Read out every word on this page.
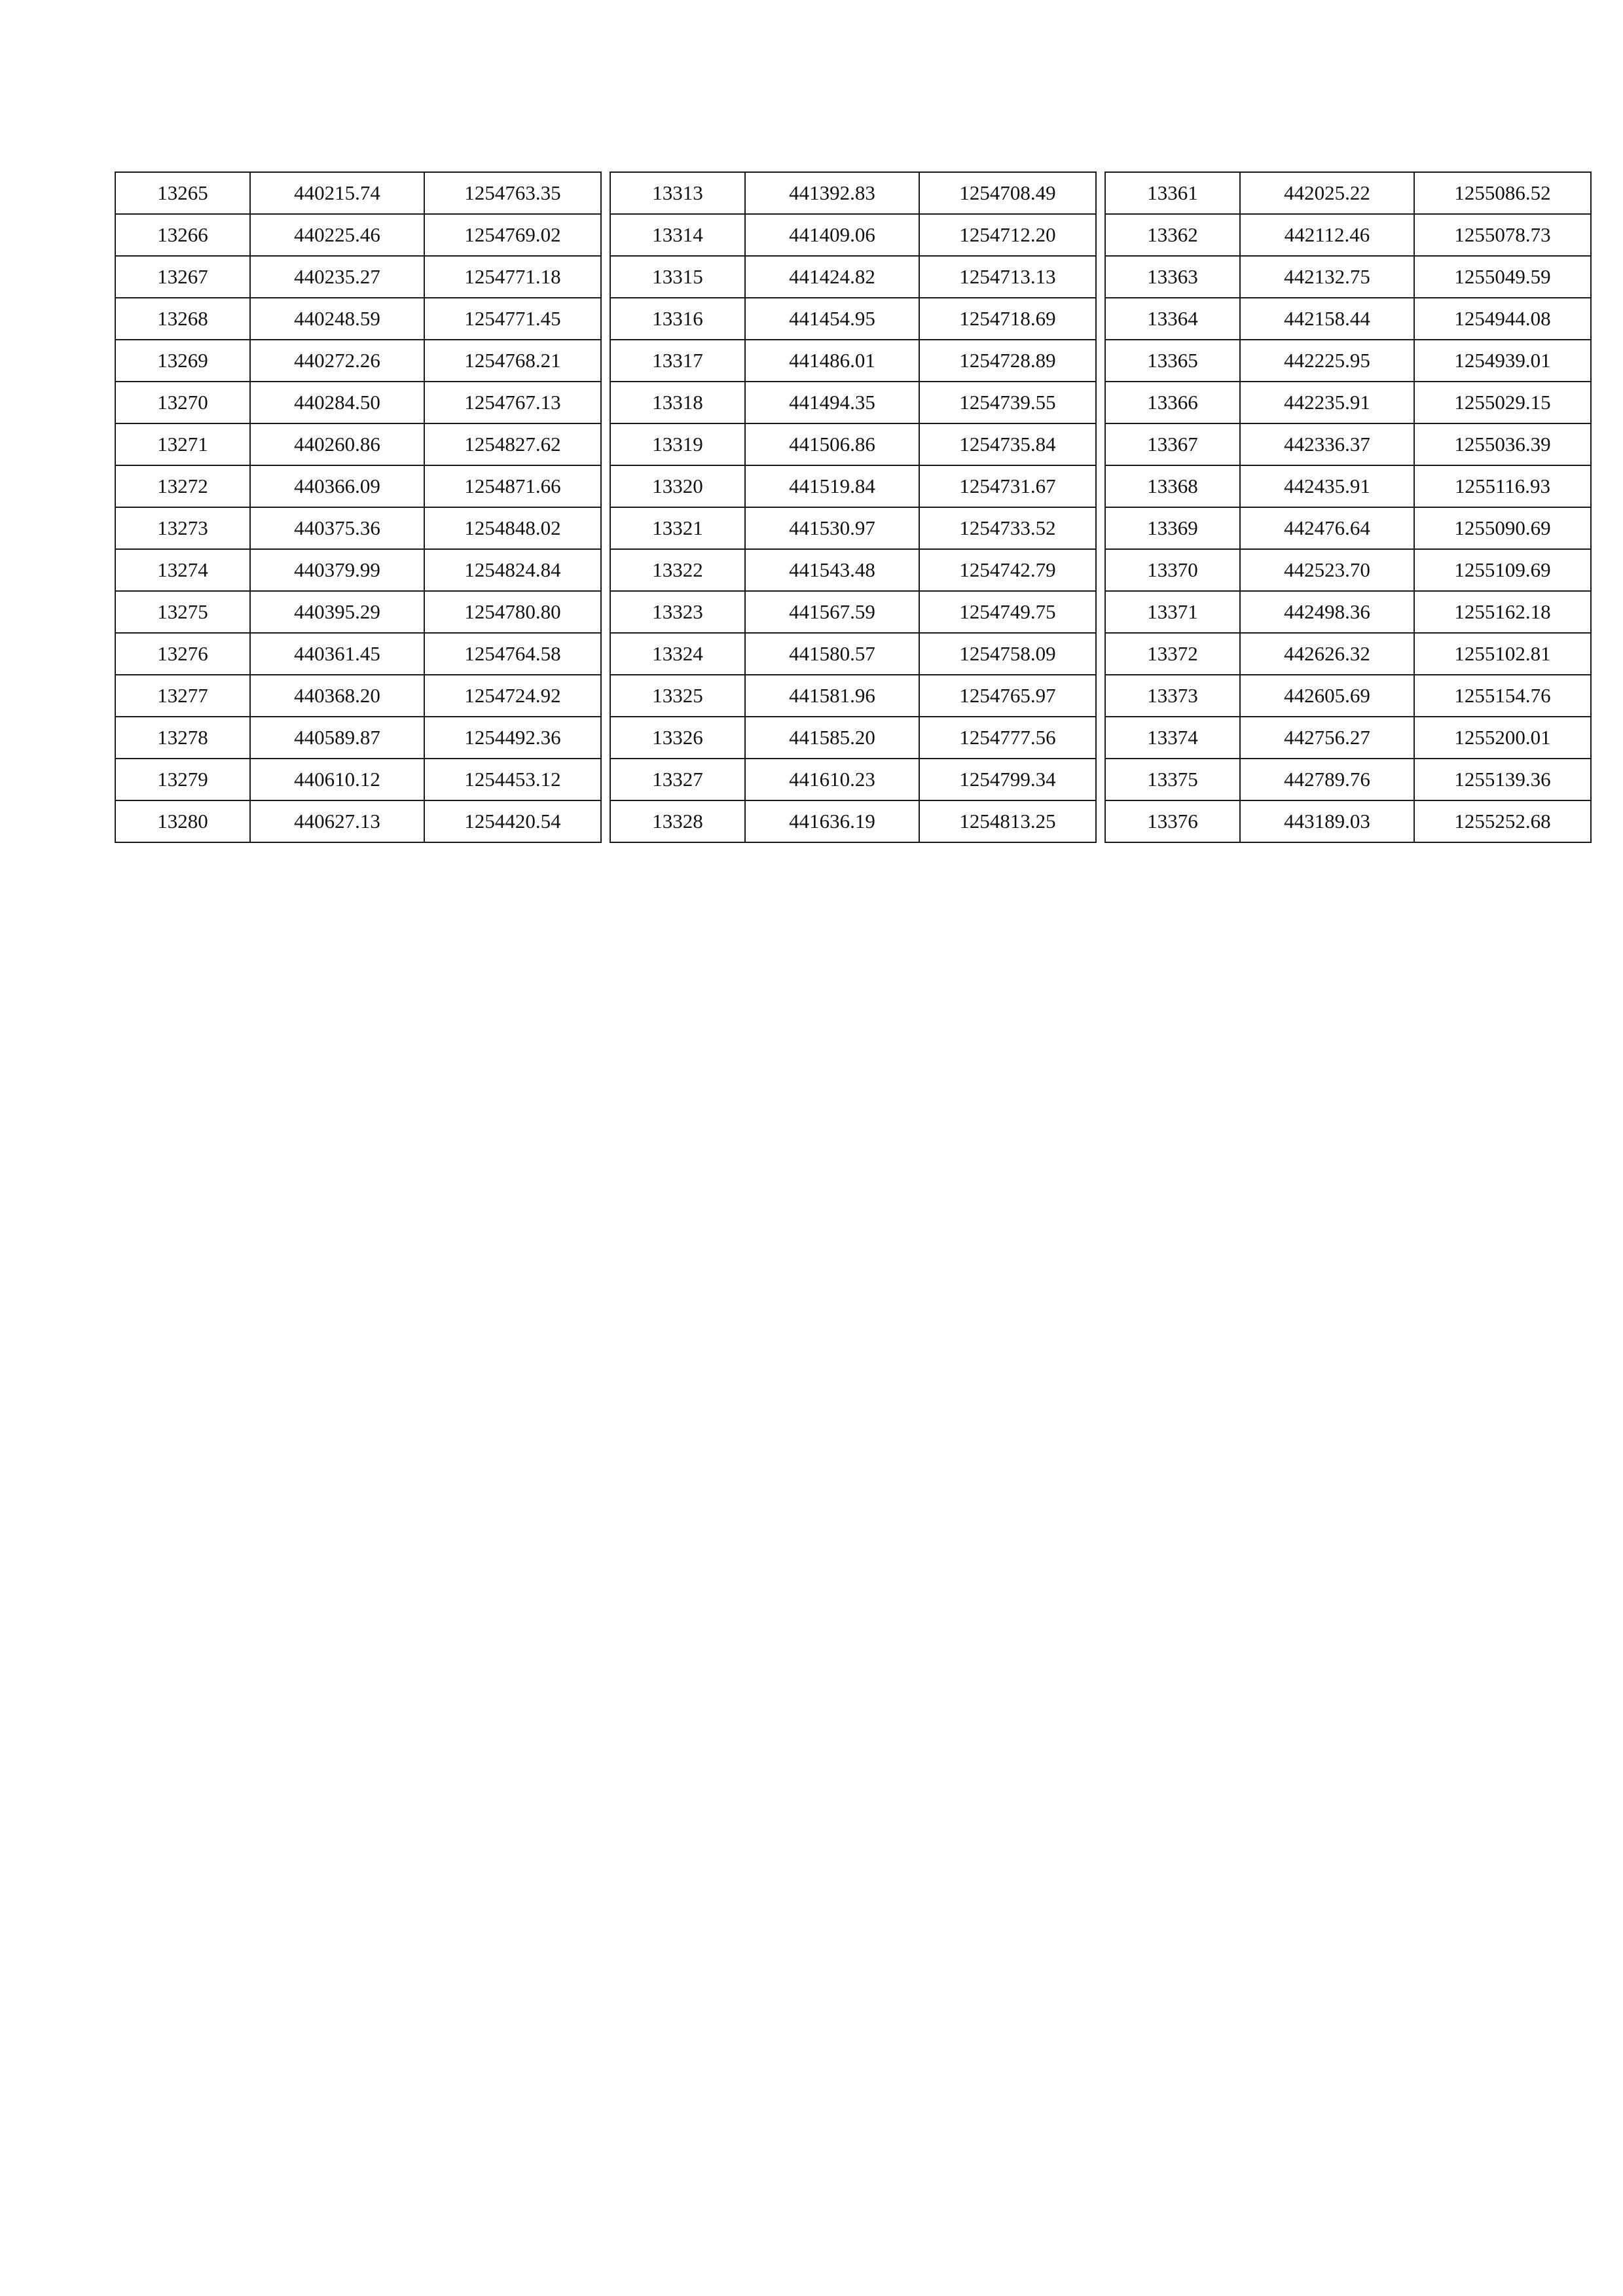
13265	440215.74	1254763.35		13313	441392.83	1254708.49		13361	442025.22	1255086.52
13266	440225.46	1254769.02		13314	441409.06	1254712.20		13362	442112.46	1255078.73
13267	440235.27	1254771.18		13315	441424.82	1254713.13		13363	442132.75	1255049.59
13268	440248.59	1254771.45		13316	441454.95	1254718.69		13364	442158.44	1254944.08
13269	440272.26	1254768.21		13317	441486.01	1254728.89		13365	442225.95	1254939.01
13270	440284.50	1254767.13		13318	441494.35	1254739.55		13366	442235.91	1255029.15
13271	440260.86	1254827.62		13319	441506.86	1254735.84		13367	442336.37	1255036.39
13272	440366.09	1254871.66		13320	441519.84	1254731.67		13368	442435.91	1255116.93
13273	440375.36	1254848.02		13321	441530.97	1254733.52		13369	442476.64	1255090.69
13274	440379.99	1254824.84		13322	441543.48	1254742.79		13370	442523.70	1255109.69
13275	440395.29	1254780.80		13323	441567.59	1254749.75		13371	442498.36	1255162.18
13276	440361.45	1254764.58		13324	441580.57	1254758.09		13372	442626.32	1255102.81
13277	440368.20	1254724.92		13325	441581.96	1254765.97		13373	442605.69	1255154.76
13278	440589.87	1254492.36		13326	441585.20	1254777.56		13374	442756.27	1255200.01
13279	440610.12	1254453.12		13327	441610.23	1254799.34		13375	442789.76	1255139.36
13280	440627.13	1254420.54		13328	441636.19	1254813.25		13376	443189.03	1255252.68
